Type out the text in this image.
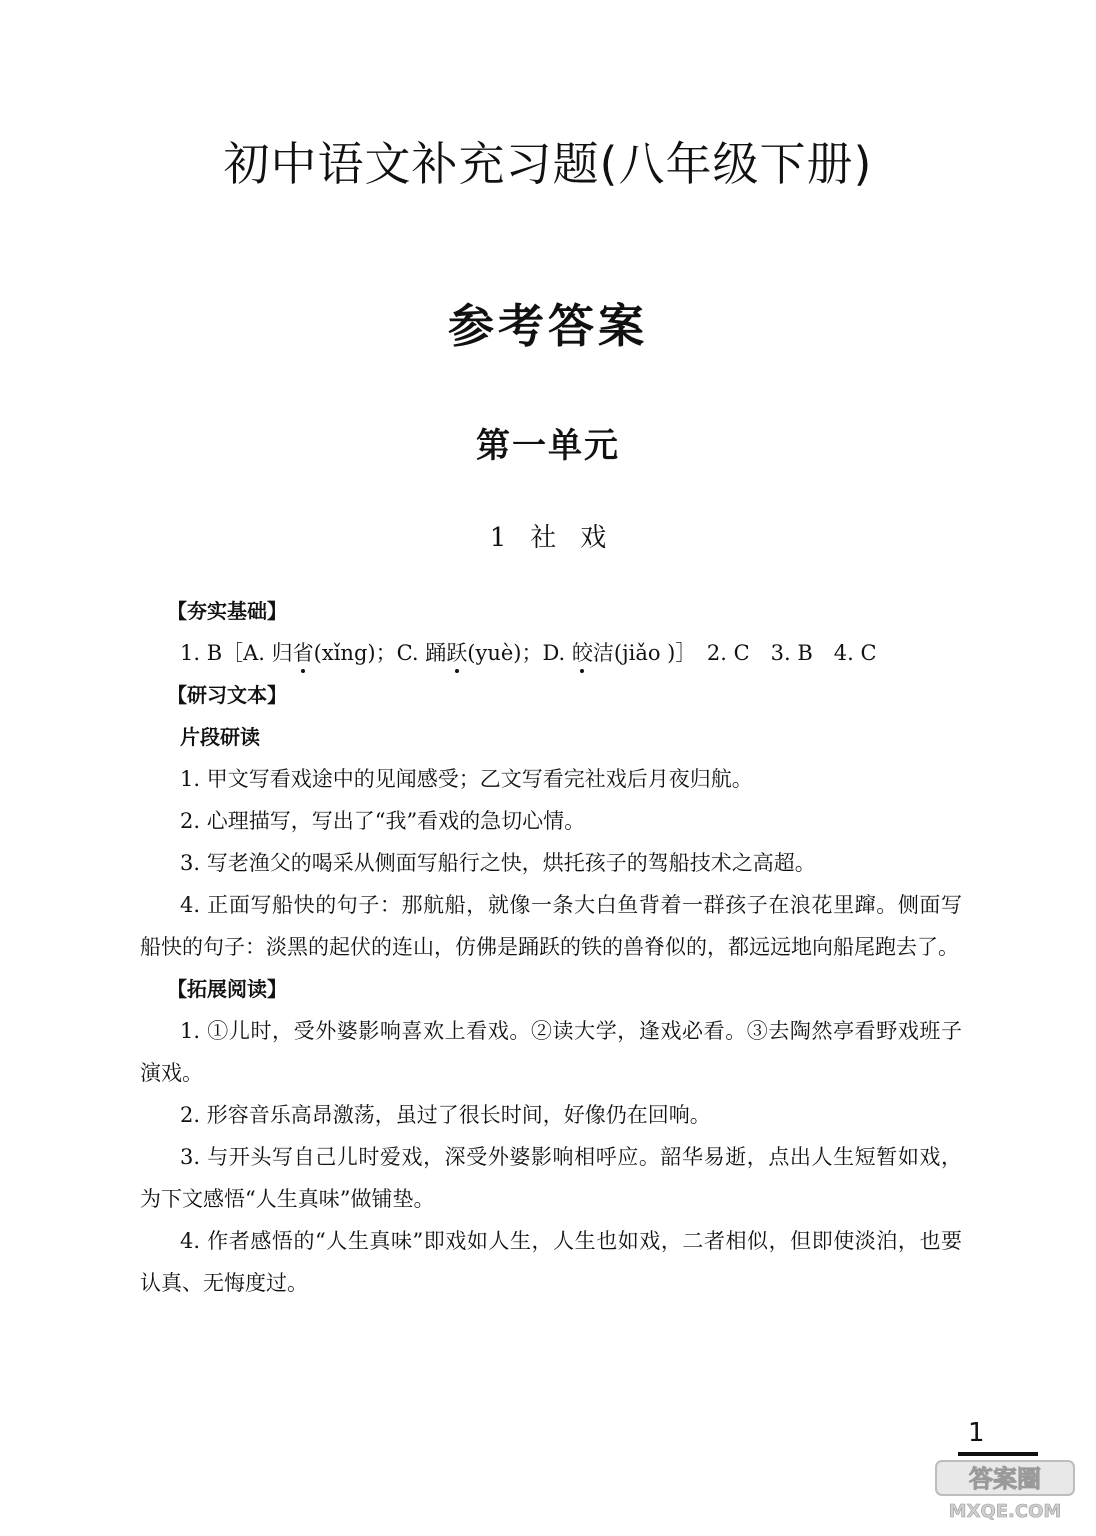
初中语文补充习题(八年级下册)
参考答案
第一单元
1 社 戏
【夯实基础】
1. B［A. 归省(xǐng)；C. 踊跃(yuè)；D. 皎洁(jiǎo )］　2. C　3. B　4. C
【研习文本】
片段研读
1. 甲文写看戏途中的见闻感受；乙文写看完社戏后月夜归航。
2. 心理描写，写出了“我”看戏的急切心情。
3. 写老渔父的喝采从侧面写船行之快，烘托孩子的驾船技术之高超。
4. 正面写船快的句子：那航船，就像一条大白鱼背着一群孩子在浪花里蹿。侧面写船快的句子：淡黑的起伏的连山，仿佛是踊跃的铁的兽脊似的，都远远地向船尾跑去了。
【拓展阅读】
1. ①儿时，受外婆影响喜欢上看戏。②读大学，逢戏必看。③去陶然亭看野戏班子演戏。
2. 形容音乐高昂激荡，虽过了很长时间，好像仍在回响。
3. 与开头写自己儿时爱戏，深受外婆影响相呼应。韶华易逝，点出人生短暂如戏，为下文感悟“人生真味”做铺垫。
4. 作者感悟的“人生真味”即戏如人生，人生也如戏，二者相似，但即使淡泊，也要认真、无悔度过。
1
答案圈
MXQE.COM
